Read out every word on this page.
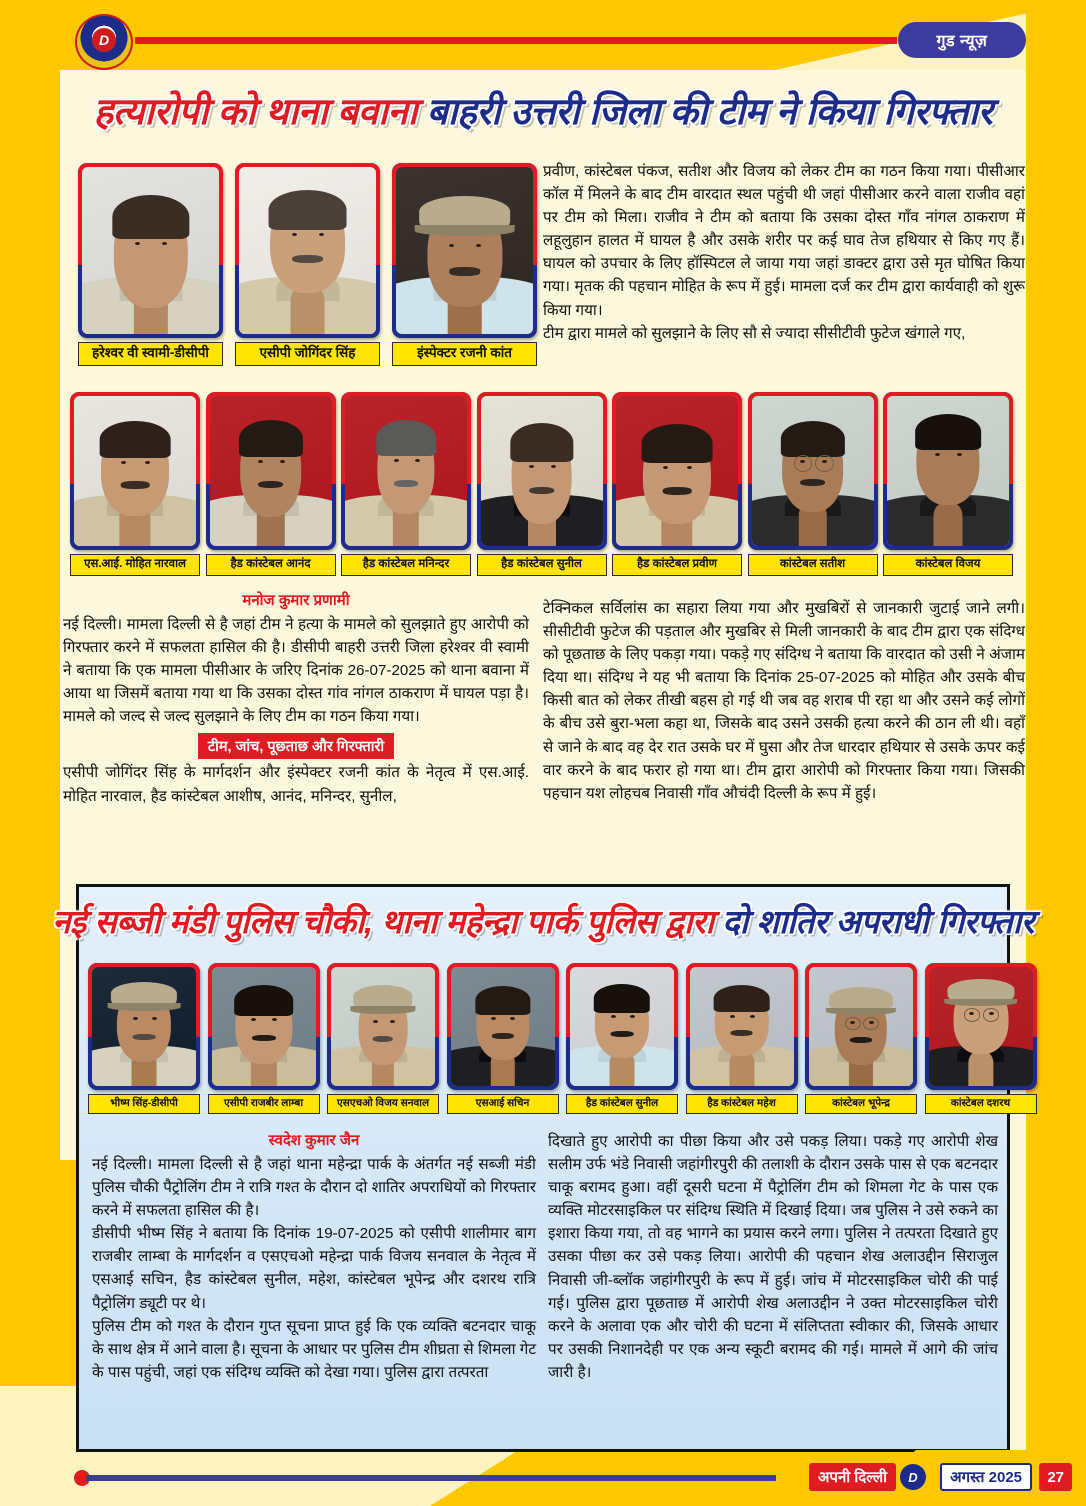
D	गुड न्यूज़
हत्यारोपी को थाना बवाना बाहरी उत्तरी जिला की टीम ने किया गिरफ्तार
हरेश्वर वी स्वामी-डीसीपी	एसीपी जोगिंदर सिंह	इंस्पेक्टर रजनी कांत

प्रवीण, कांस्टेबल पंकज, सतीश और विजय को लेकर टीम का गठन किया गया। पीसीआर कॉल में मिलने के बाद टीम वारदात स्थल पहुंची थी जहां पीसीआर करने वाला राजीव वहां पर टीम को मिला। राजीव ने टीम को बताया कि उसका दोस्त गाँव नांगल ठाकराण में लहूलुहान हालत में घायल है और उसके शरीर पर कई घाव तेज हथियार से किए गए हैं। घायल को उपचार के लिए हॉस्पिटल ले जाया गया जहां डाक्टर द्वारा उसे मृत घोषित किया गया। मृतक की पहचान मोहित के रूप में हुई। मामला दर्ज कर टीम द्वारा कार्यवाही को शुरू किया गया।

टीम द्वारा मामले को सुलझाने के लिए सौ से ज्यादा सीसीटीवी फुटेज खंगाले गए,

एस.आई. मोहित नारवाल	हैड कांस्टेबल आनंद	हैड कांस्टेबल मनिन्दर	हैड कांस्टेबल सुनील	हैड कांस्टेबल प्रवीण	कांस्टेबल सतीश	कांस्टेबल विजय
मनोज कुमार प्रणामी

नई दिल्ली। मामला दिल्ली से है जहां टीम ने हत्या के मामले को सुलझाते हुए आरोपी को गिरफ्तार करने में सफलता हासिल की है। डीसीपी बाहरी उत्तरी जिला हरेश्वर वी स्वामी ने बताया कि एक मामला पीसीआर के जरिए दिनांक 26-07-2025 को थाना बवाना में आया था जिसमें बताया गया था कि उसका दोस्त गांव नांगल ठाकराण में घायल पड़ा है। मामले को जल्द से जल्द सुलझाने के लिए टीम का गठन किया गया।

टीम, जांच, पूछताछ और गिरफ्तारी

एसीपी जोगिंदर सिंह के मार्गदर्शन और इंस्पेक्टर रजनी कांत के नेतृत्व में एस.आई. मोहित नारवाल, हैड कांस्टेबल आशीष, आनंद, मनिन्दर, सुनील,

टेक्निकल सर्विलांस का सहारा लिया गया और मुखबिरों से जानकारी जुटाई जाने लगी। सीसीटीवी फुटेज की पड़ताल और मुखबिर से मिली जानकारी के बाद टीम द्वारा एक संदिग्ध को पूछताछ के लिए पकड़ा गया। पकड़े गए संदिग्ध ने बताया कि वारदात को उसी ने अंजाम दिया था। संदिग्ध ने यह भी बताया कि दिनांक 25-07-2025 को मोहित और उसके बीच किसी बात को लेकर तीखी बहस हो गई थी जब वह शराब पी रहा था और उसने कई लोगों के बीच उसे बुरा-भला कहा था, जिसके बाद उसने उसकी हत्या करने की ठान ली थी। वहाँ से जाने के बाद वह देर रात उसके घर में घुसा और तेज धारदार हथियार से उसके ऊपर कई वार करने के बाद फरार हो गया था। टीम द्वारा आरोपी को गिरफ्तार किया गया। जिसकी पहचान यश लोहचब निवासी गाँव औचंदी दिल्ली के रूप में हुई।

नई सब्जी मंडी पुलिस चौकी, थाना महेन्द्रा पार्क पुलिस द्वारा दो शातिर अपराधी गिरफ्तार
भीष्म सिंह-डीसीपी	एसीपी राजबीर लाम्बा	एसएचओ विजय सनवाल	एसआई सचिन	हैड कांस्टेबल सुनील	हैड कांस्टेबल महेश	कांस्टेबल भूपेन्द्र	कांस्टेबल दशरथ
स्वदेश कुमार जैन

नई दिल्ली। मामला दिल्ली से है जहां थाना महेन्द्रा पार्क के अंतर्गत नई सब्जी मंडी पुलिस चौकी पैट्रोलिंग टीम ने रात्रि गश्त के दौरान दो शातिर अपराधियों को गिरफ्तार करने में सफलता हासिल की है।

डीसीपी भीष्म सिंह ने बताया कि दिनांक 19-07-2025 को एसीपी शालीमार बाग राजबीर लाम्बा के मार्गदर्शन व एसएचओ महेन्द्रा पार्क विजय सनवाल के नेतृत्व में एसआई सचिन, हैड कांस्टेबल सुनील, महेश, कांस्टेबल भूपेन्द्र और दशरथ रात्रि पैट्रोलिंग ड्यूटी पर थे।

पुलिस टीम को गश्त के दौरान गुप्त सूचना प्राप्त हुई कि एक व्यक्ति बटनदार चाकू के साथ क्षेत्र में आने वाला है। सूचना के आधार पर पुलिस टीम शीघ्रता से शिमला गेट के पास पहुंची, जहां एक संदिग्ध व्यक्ति को देखा गया। पुलिस द्वारा तत्परता

दिखाते हुए आरोपी का पीछा किया और उसे पकड़ लिया। पकड़े गए आरोपी शेख सलीम उर्फ भंडे निवासी जहांगीरपुरी की तलाशी के दौरान उसके पास से एक बटनदार चाकू बरामद हुआ। वहीं दूसरी घटना में पैट्रोलिंग टीम को शिमला गेट के पास एक व्यक्ति मोटरसाइकिल पर संदिग्ध स्थिति में दिखाई दिया। जब पुलिस ने उसे रुकने का इशारा किया गया, तो वह भागने का प्रयास करने लगा। पुलिस ने तत्परता दिखाते हुए उसका पीछा कर उसे पकड़ लिया। आरोपी की पहचान शेख अलाउद्दीन सिराजुल निवासी जी-ब्लॉक जहांगीरपुरी के रूप में हुई। जांच में मोटरसाइकिल चोरी की पाई गई। पुलिस द्वारा पूछताछ में आरोपी शेख अलाउद्दीन ने उक्त मोटरसाइकिल चोरी करने के अलावा एक और चोरी की घटना में संलिप्तता स्वीकार की, जिसके आधार पर उसकी निशानदेही पर एक अन्य स्कूटी बरामद की गई। मामले में आगे की जांच जारी है।

अपनी दिल्ली	D	अगस्त 2025	27
